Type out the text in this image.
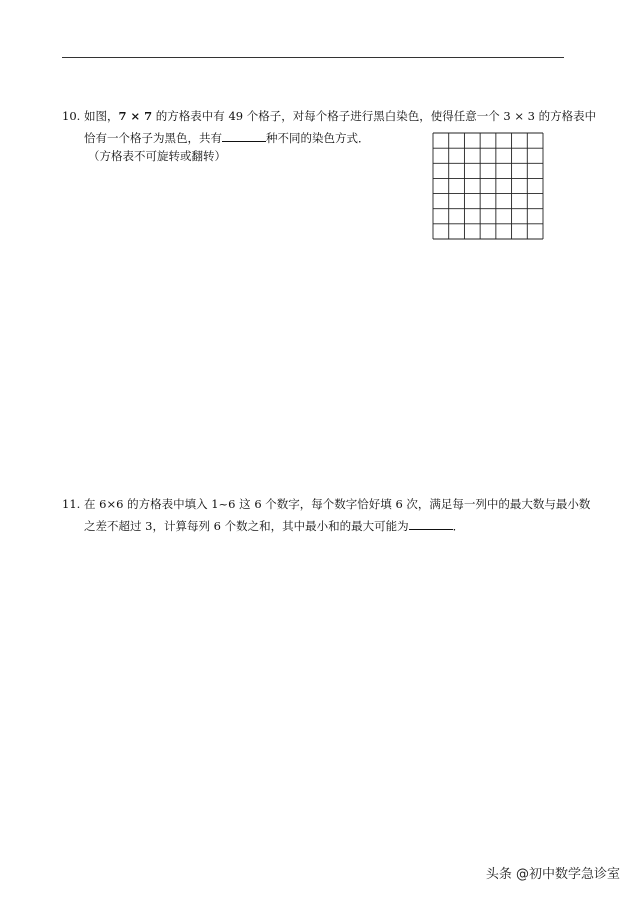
10. 如图，7 × 7 的方格表中有 49 个格子，对每个格子进行黑白染色，使得任意一个 3 × 3 的方格表中
恰有一个格子为黑色，共有	种不同的染色方式．
（方格表不可旋转或翻转）
11. 在 6×6 的方格表中填入 1~6 这 6 个数字，每个数字恰好填 6 次，满足每一列中的最大数与最小数
之差不超过 3，计算每列 6 个数之和，其中最小和的最大可能为	．
头条 @初中数学急诊室
